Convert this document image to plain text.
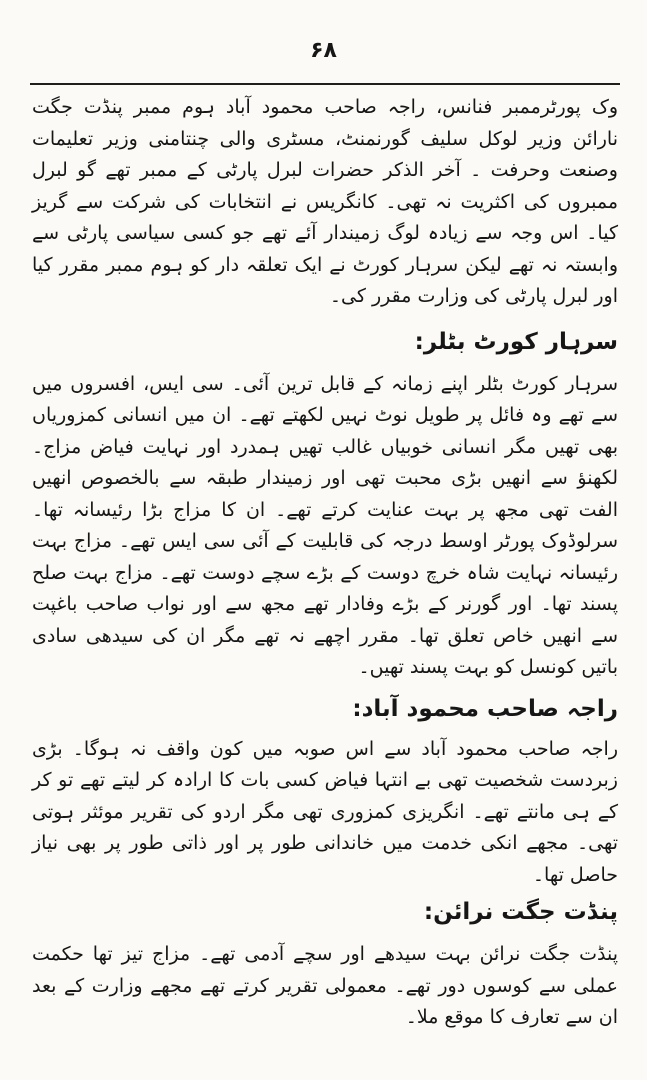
۶۸

وک پورٹرممبر فنانس، راجہ صاحب محمود آباد ہوم ممبر پنڈت جگت نارائن وزیر لوکل سلیف گورنمنٹ، مسٹری والی چنتامنی وزیر تعلیمات وصنعت وحرفت ۔ آخر الذکر حضرات لبرل پارٹی کے ممبر تھے گو لبرل ممبروں کی اکثریت نہ تھی۔ کانگریس نے انتخابات کی شرکت سے گریز کیا۔ اس وجہ سے زیادہ لوگ زمیندار آئے تھے جو کسی سیاسی پارٹی سے وابستہ نہ تھے لیکن سرہار کورٹ نے ایک تعلقہ دار کو ہوم ممبر مقرر کیا اور لبرل پارٹی کی وزارت مقرر کی۔

سرہار کورٹ بٹلر:

سرہار کورٹ بٹلر اپنے زمانہ کے قابل ترین آئی۔ سی ایس، افسروں میں سے تھے وہ فائل پر طویل نوٹ نہیں لکھتے تھے۔ ان میں انسانی کمزوریاں بھی تھیں مگر انسانی خوبیاں غالب تھیں ہمدرد اور نہایت فیاض مزاج۔ لکھنؤ سے انھیں بڑی محبت تھی اور زمیندار طبقہ سے بالخصوص انھیں الفت تھی مجھ پر بہت عنایت کرتے تھے۔ ان کا مزاج بڑا رئیسانہ تھا۔ سرلوڈوک پورٹر اوسط درجہ کی قابلیت کے آئی سی ایس تھے۔ مزاج بہت رئیسانہ نہایت شاہ خرچ دوست کے بڑے سچے دوست تھے۔ مزاج بہت صلح پسند تھا۔ اور گورنر کے بڑے وفادار تھے مجھ سے اور نواب صاحب باغپت سے انھیں خاص تعلق تھا۔ مقرر اچھے نہ تھے مگر ان کی سیدھی سادی باتیں کونسل کو بہت پسند تھیں۔

راجہ صاحب محمود آباد:

راجہ صاحب محمود آباد سے اس صوبہ میں کون واقف نہ ہوگا۔ بڑی زبردست شخصیت تھی بے انتہا فیاض کسی بات کا ارادہ کر لیتے تھے تو کر کے ہی مانتے تھے۔ انگریزی کمزوری تھی مگر اردو کی تقریر موئثر ہوتی تھی۔ مجھے انکی خدمت میں خاندانی طور پر اور ذاتی طور پر بھی نیاز حاصل تھا۔

پنڈت جگت نرائن:

پنڈت جگت نرائن بہت سیدھے اور سچے آدمی تھے۔ مزاج تیز تھا حکمت عملی سے کوسوں دور تھے۔ معمولی تقریر کرتے تھے مجھے وزارت کے بعد ان سے تعارف کا موقع ملا۔
